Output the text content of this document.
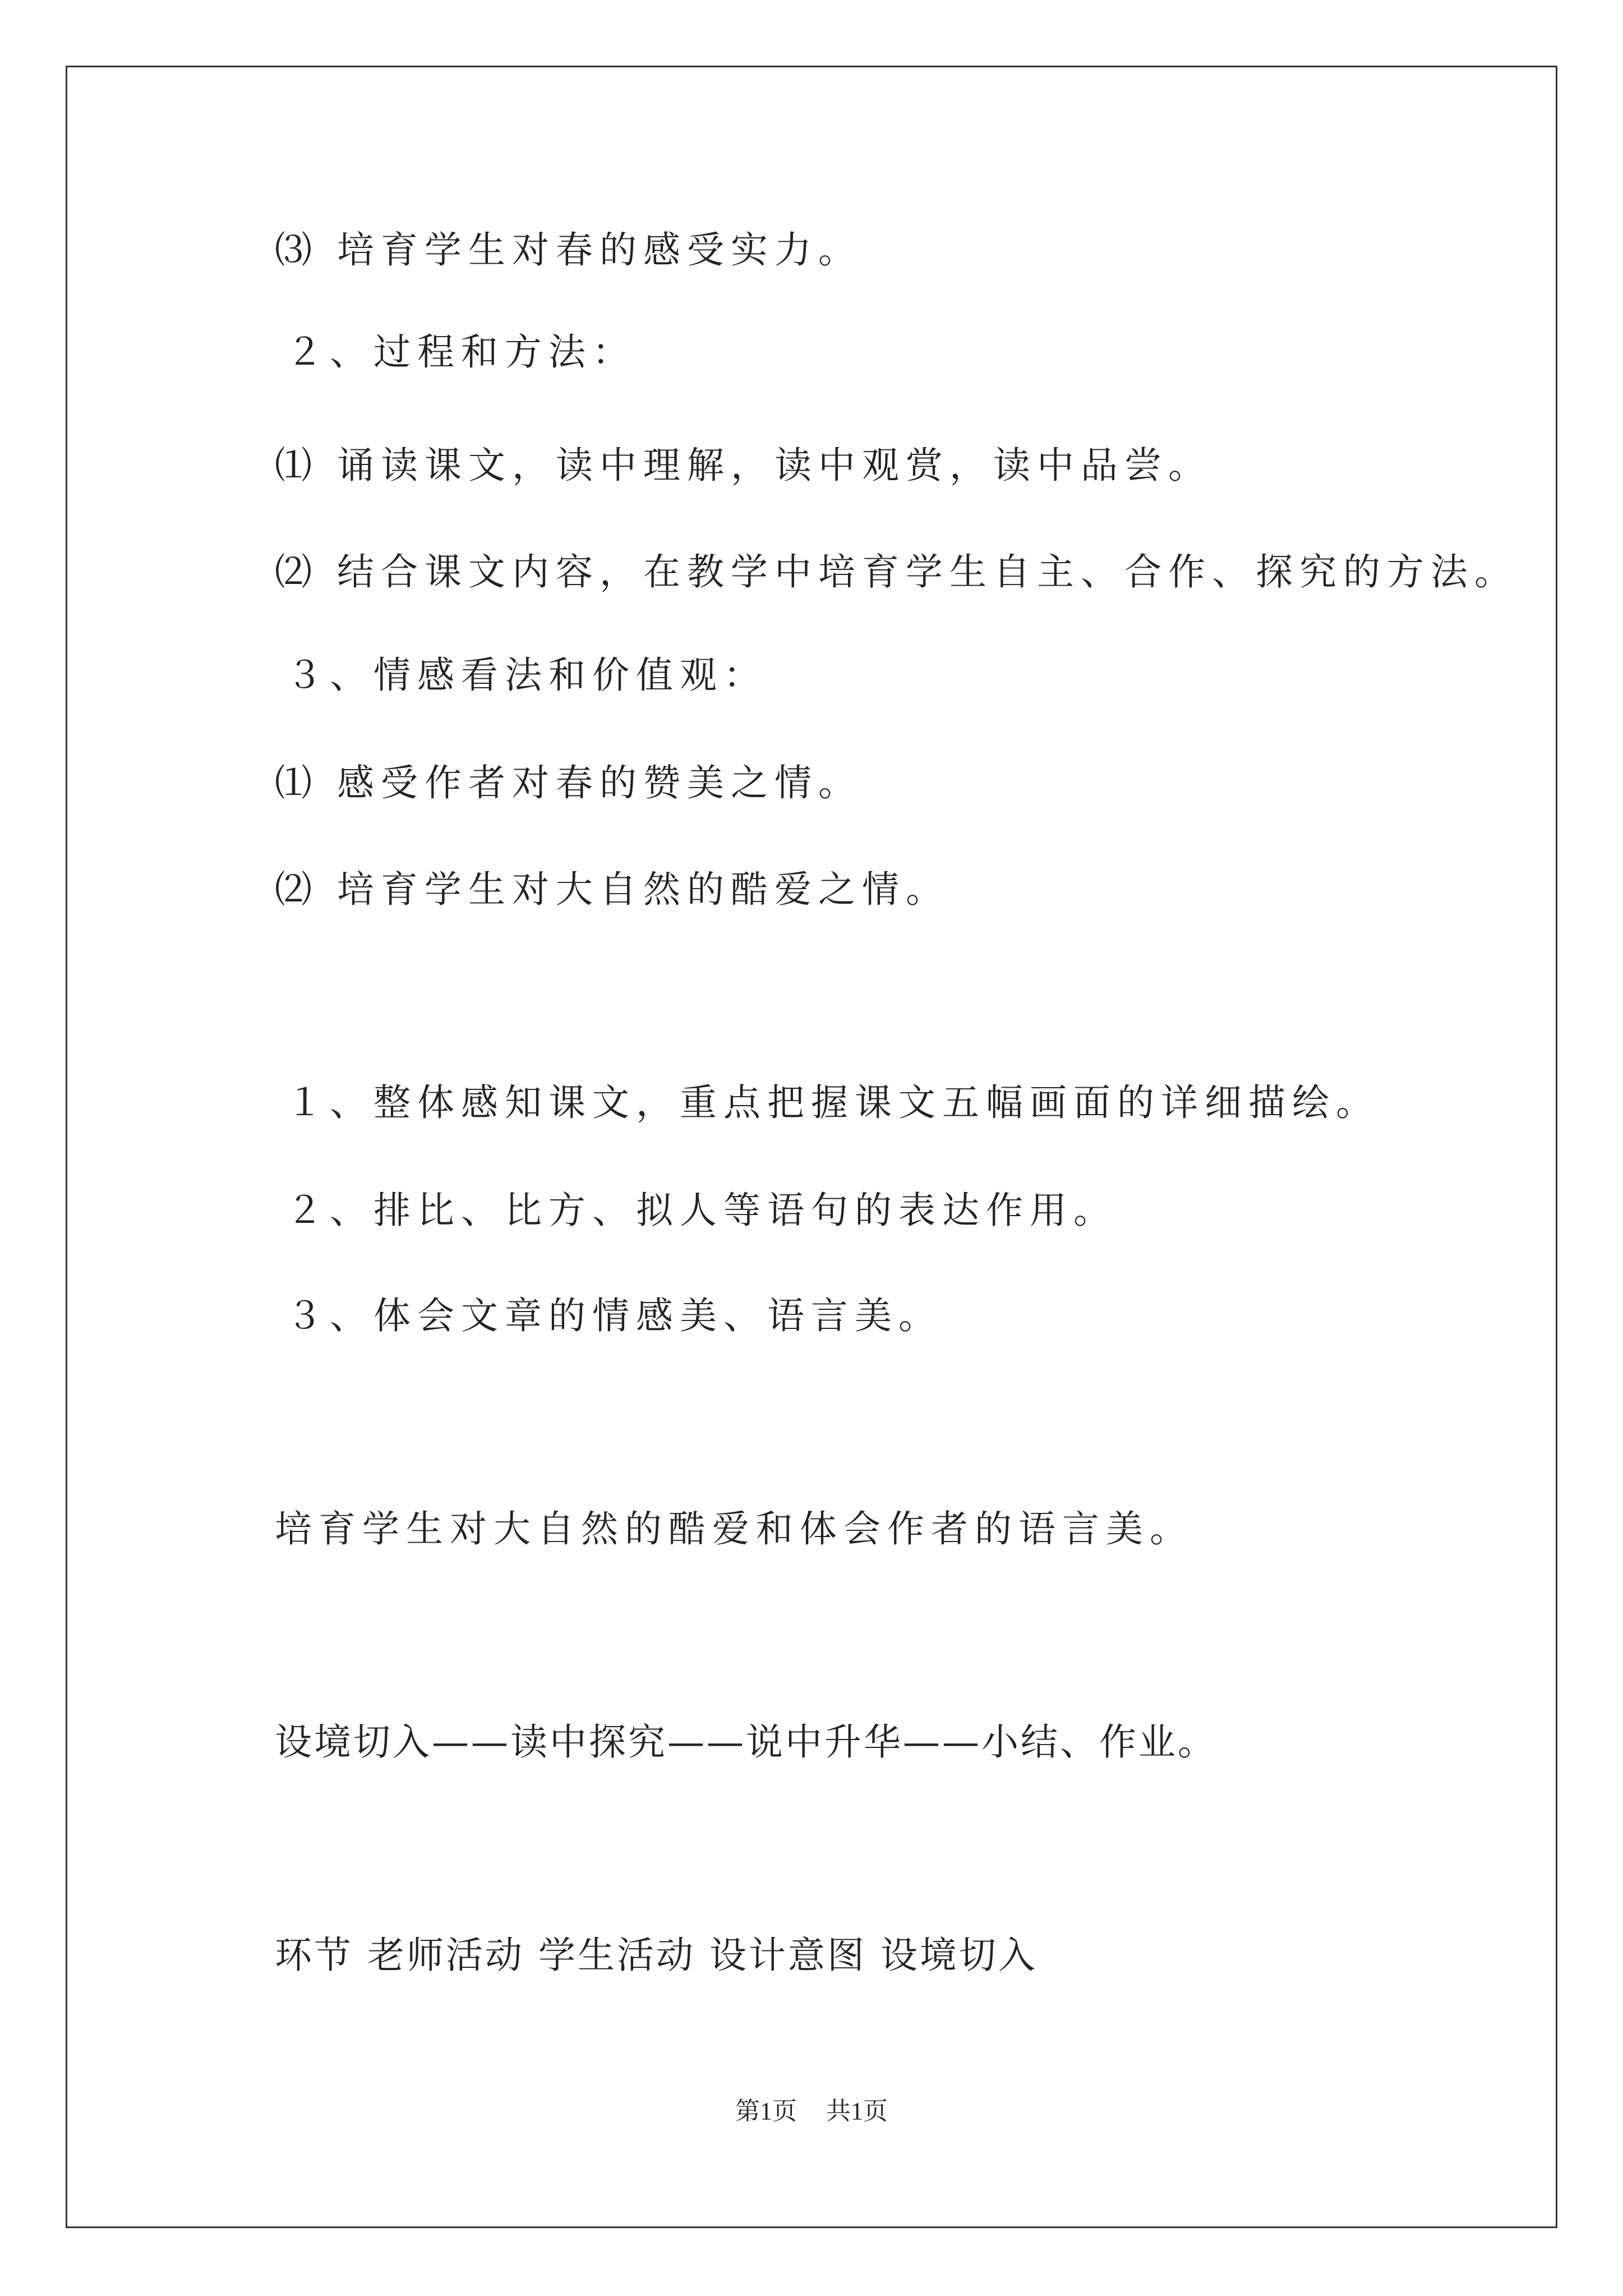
⑶ 培育学生对春的感受实力。

２、过程和方法：

⑴ 诵读课文，读中理解，读中观赏，读中品尝。

⑵ 结合课文内容，在教学中培育学生自主、合作、探究的方法。

３、情感看法和价值观：

⑴ 感受作者对春的赞美之情。

⑵ 培育学生对大自然的酷爱之情。

１、整体感知课文，重点把握课文五幅画面的详细描绘。

２、排比、比方、拟人等语句的表达作用。

３、体会文章的情感美、语言美。

培育学生对大自然的酷爱和体会作者的语言美。

设境切入——读中探究——说中升华——小结、作业。

环节 老师活动 学生活动 设计意图 设境切入

第1页 共1页
